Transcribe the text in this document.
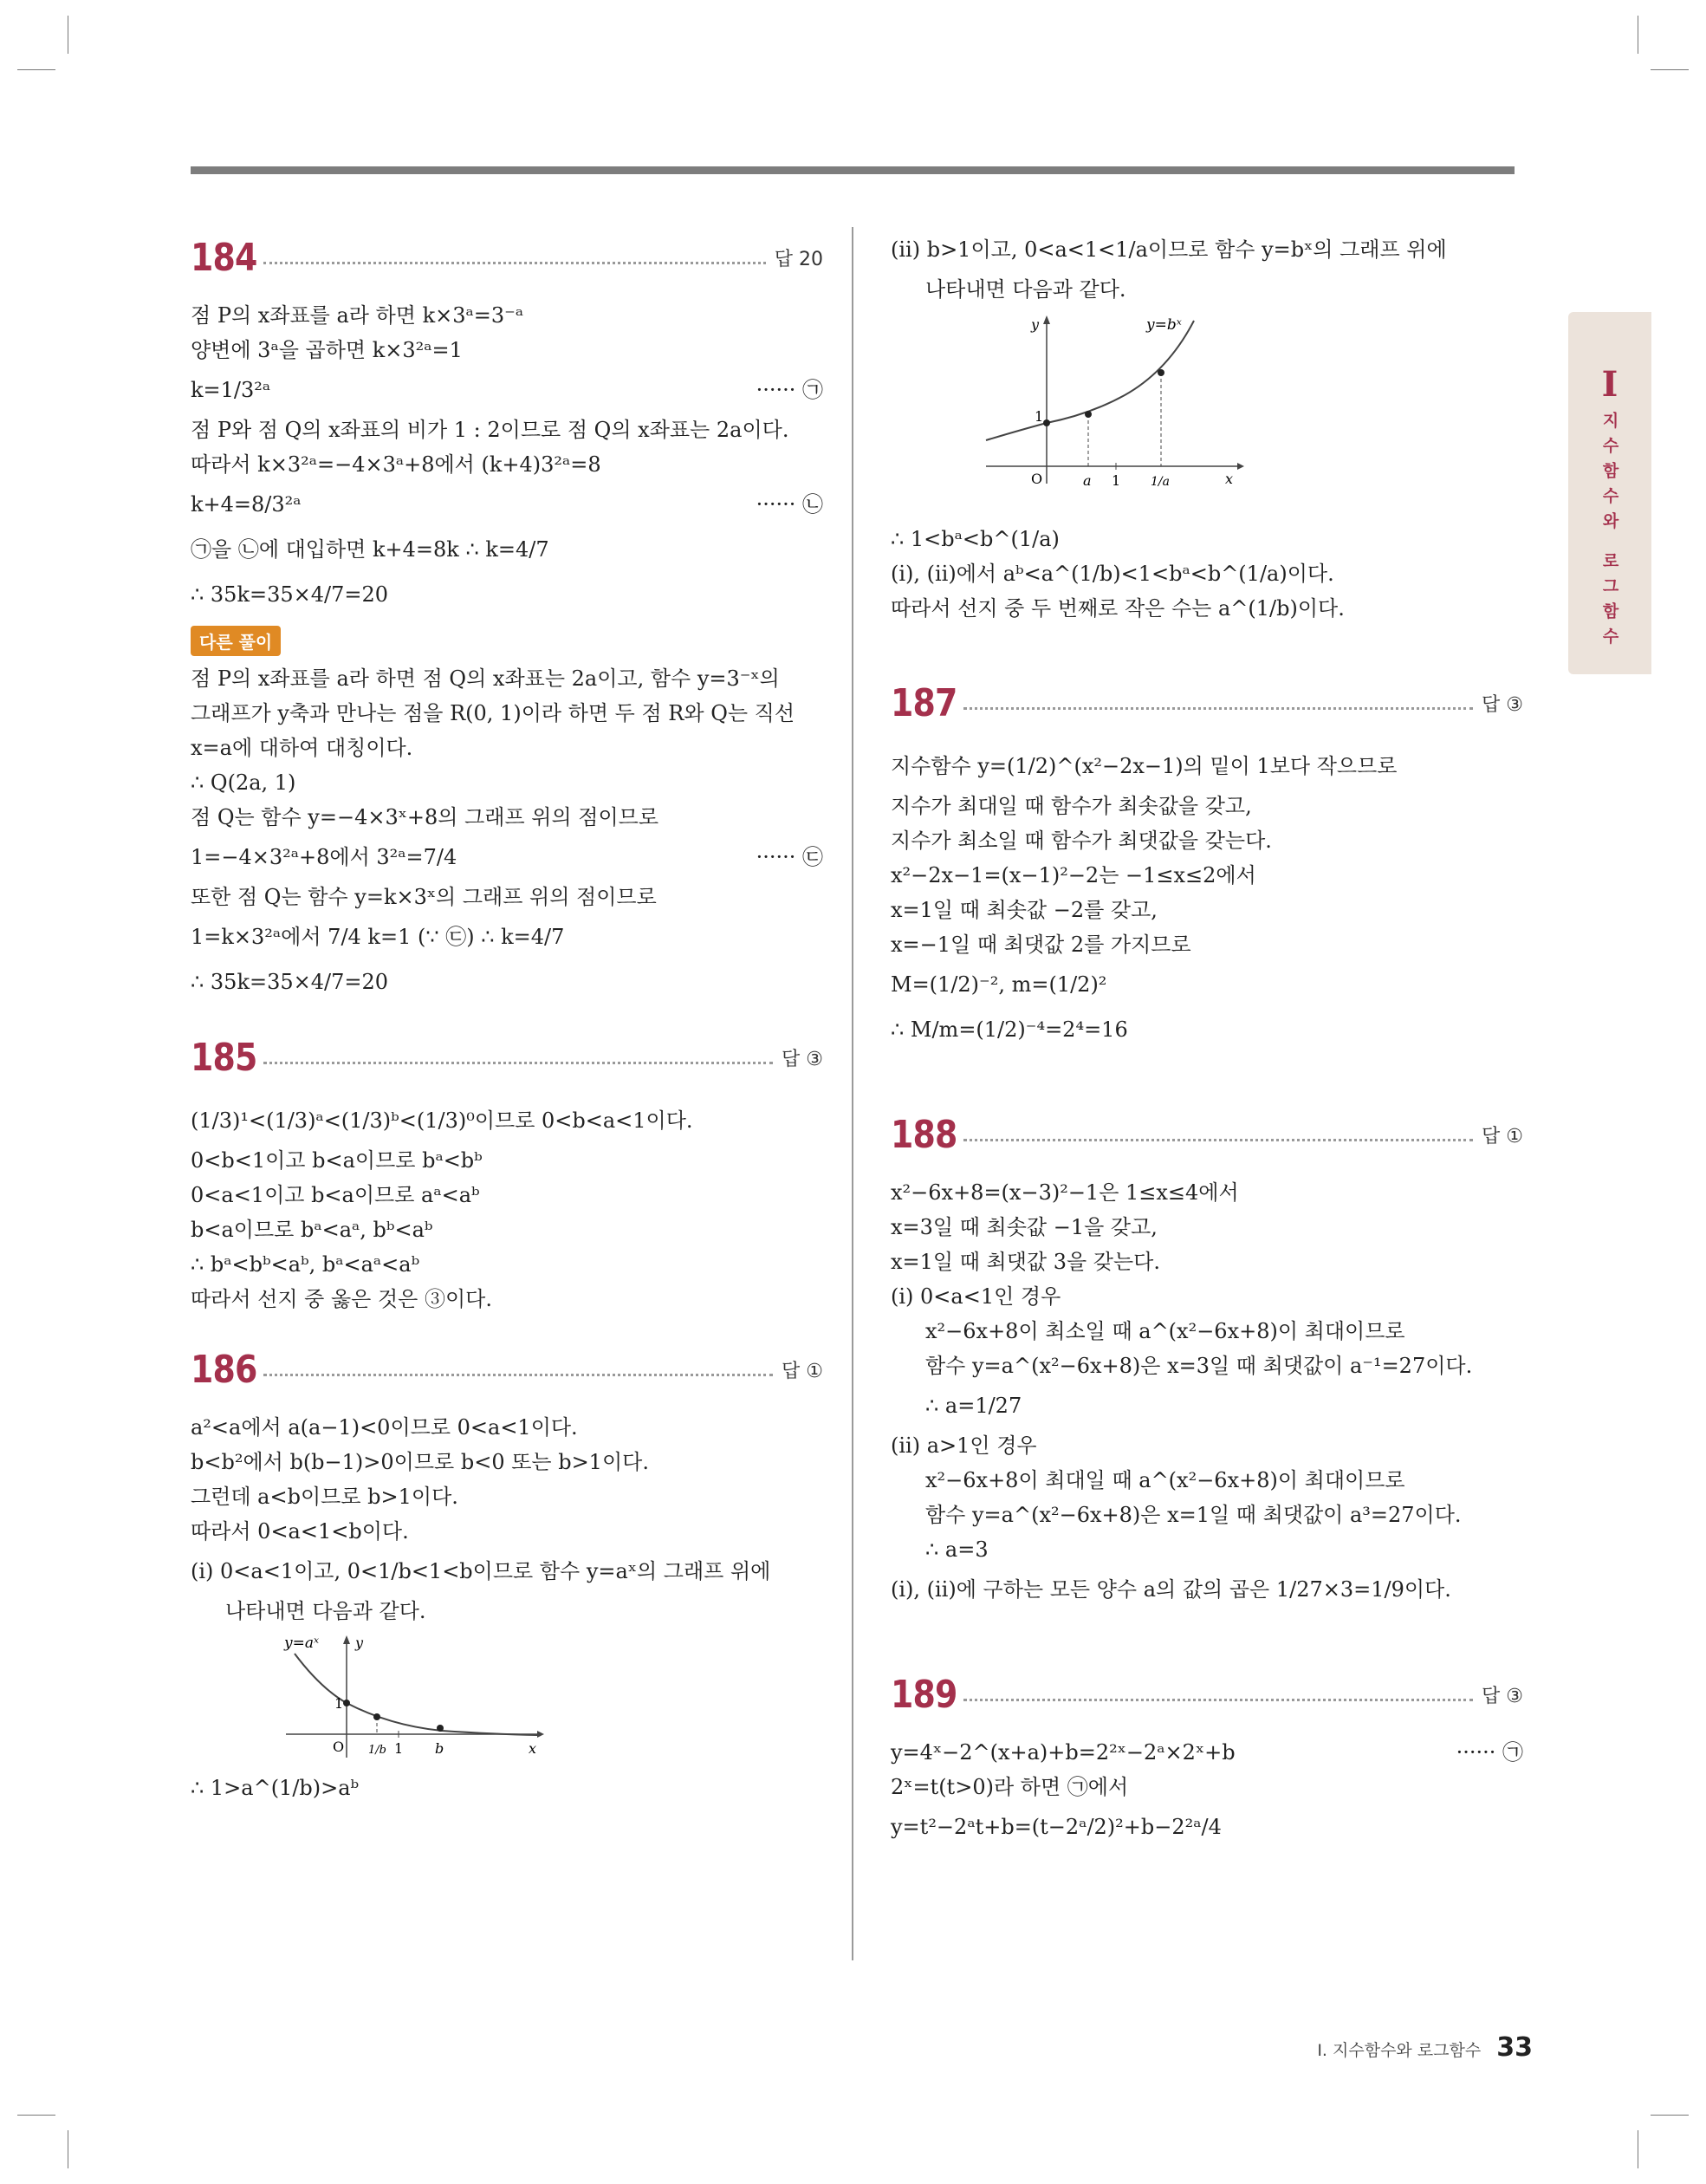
184	답 20
점 P의 x좌표를 a라 하면 k×3ᵃ=3⁻ᵃ
양변에 3ᵃ을 곱하면 k×3²ᵃ=1
k=1/3²ᵃ	······ ㉠
점 P와 점 Q의 x좌표의 비가 1 : 2이므로 점 Q의 x좌표는 2a이다.
따라서 k×3²ᵃ=−4×3ᵃ+8에서 (k+4)3²ᵃ=8
k+4=8/3²ᵃ	······ ㉡
㉠을 ㉡에 대입하면 k+4=8k ∴ k=4/7
∴ 35k=35×4/7=20
다른 풀이
점 P의 x좌표를 a라 하면 점 Q의 x좌표는 2a이고, 함수 y=3⁻ˣ의
그래프가 y축과 만나는 점을 R(0, 1)이라 하면 두 점 R와 Q는 직선
x=a에 대하여 대칭이다.
∴ Q(2a, 1)
점 Q는 함수 y=−4×3ˣ+8의 그래프 위의 점이므로
1=−4×3²ᵃ+8에서 3²ᵃ=7/4	······ ㉢
또한 점 Q는 함수 y=k×3ˣ의 그래프 위의 점이므로
1=k×3²ᵃ에서 7/4 k=1 (∵ ㉢) ∴ k=4/7
∴ 35k=35×4/7=20
185	답 ③
(1/3)¹<(1/3)ᵃ<(1/3)ᵇ<(1/3)⁰이므로 0<b<a<1이다.
0<b<1이고 b<a이므로 bᵃ<bᵇ
0<a<1이고 b<a이므로 aᵃ<aᵇ
b<a이므로 bᵃ<aᵃ, bᵇ<aᵇ
∴ bᵃ<bᵇ<aᵇ, bᵃ<aᵃ<aᵇ
따라서 선지 중 옳은 것은 ③이다.
186	답 ①
a²<a에서 a(a−1)<0이므로 0<a<1이다.
b<b²에서 b(b−1)>0이므로 b<0 또는 b>1이다.
그런데 a<b이므로 b>1이다.
따라서 0<a<1<b이다.
(ⅰ) 0<a<1이고, 0<1/b<1<b이므로 함수 y=aˣ의 그래프 위에
나타내면 다음과 같다.
y=aˣ	y
x
O
1
1/b 1 b
∴ 1>a^(1/b)>aᵇ
(ⅱ) b>1이고, 0<a<1<1/a이므로 함수 y=bˣ의 그래프 위에
나타내면 다음과 같다.
y=bˣ
y
x
O
1
a 1 1/a
∴ 1<bᵃ<b^(1/a)
(ⅰ), (ⅱ)에서 aᵇ<a^(1/b)<1<bᵃ<b^(1/a)이다.
따라서 선지 중 두 번째로 작은 수는 a^(1/b)이다.
187	답 ③
지수함수 y=(1/2)^(x²−2x−1)의 밑이 1보다 작으므로
지수가 최대일 때 함수가 최솟값을 갖고,
지수가 최소일 때 함수가 최댓값을 갖는다.
x²−2x−1=(x−1)²−2는 −1≤x≤2에서
x=1일 때 최솟값 −2를 갖고,
x=−1일 때 최댓값 2를 가지므로
M=(1/2)⁻², m=(1/2)²
∴ M/m=(1/2)⁻⁴=2⁴=16
188	답 ①
x²−6x+8=(x−3)²−1은 1≤x≤4에서
x=3일 때 최솟값 −1을 갖고,
x=1일 때 최댓값 3을 갖는다.
(ⅰ) 0<a<1인 경우
x²−6x+8이 최소일 때 a^(x²−6x+8)이 최대이므로
함수 y=a^(x²−6x+8)은 x=3일 때 최댓값이 a⁻¹=27이다.
∴ a=1/27
(ⅱ) a>1인 경우
x²−6x+8이 최대일 때 a^(x²−6x+8)이 최대이므로
함수 y=a^(x²−6x+8)은 x=1일 때 최댓값이 a³=27이다.
∴ a=3
(ⅰ), (ⅱ)에 구하는 모든 양수 a의 값의 곱은 1/27×3=1/9이다.
189	답 ③
y=4ˣ−2^(x+a)+b=2²ˣ−2ᵃ×2ˣ+b	······ ㉠
2ˣ=t(t>0)라 하면 ㉠에서
y=t²−2ᵃt+b=(t−2ᵃ/2)²+b−2²ᵃ/4
I
지수함수와 로그함수
Ⅰ. 지수함수와 로그함수 33
